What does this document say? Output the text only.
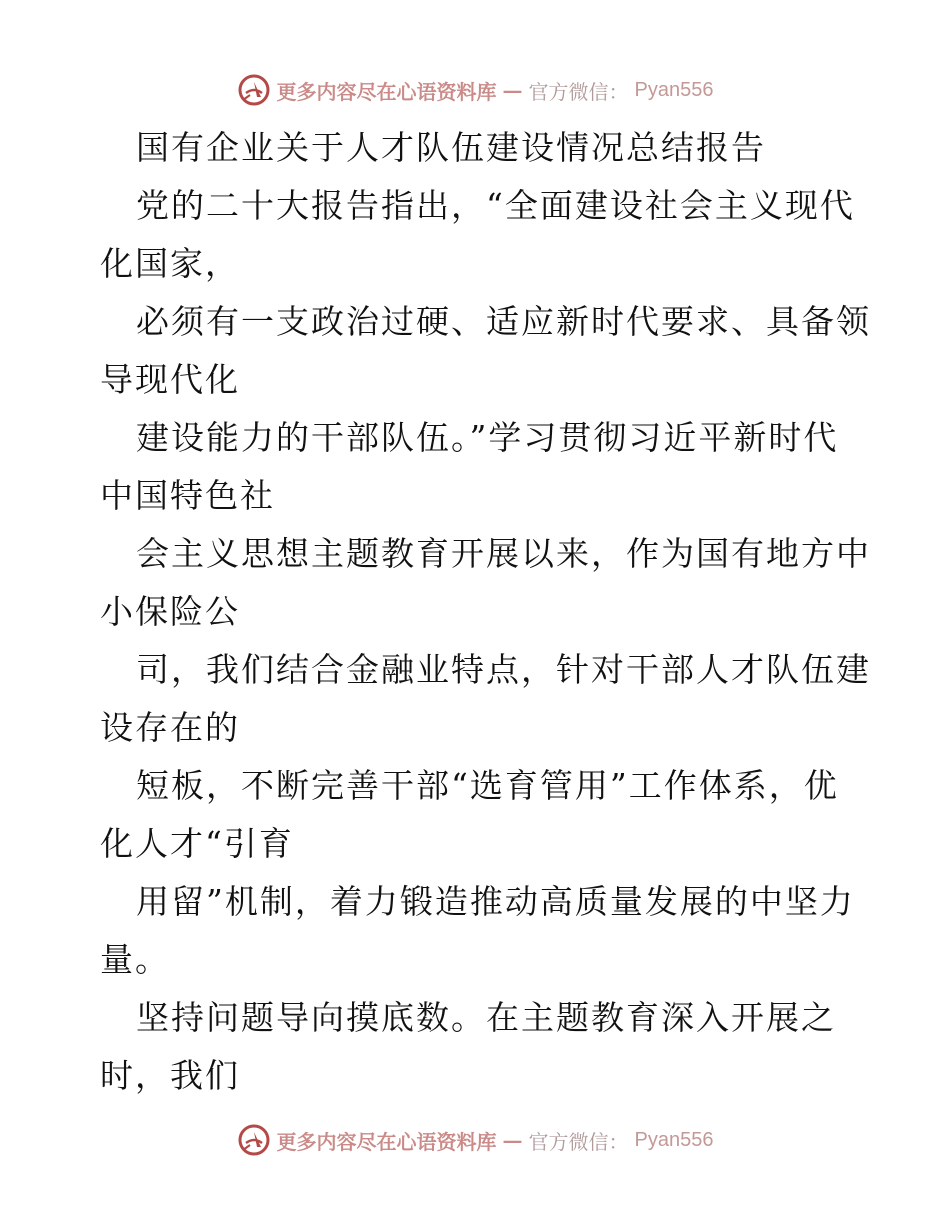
更多内容尽在心语资料库 — 官方微信： Pyan556
国有企业关于人才队伍建设情况总结报告
党的二十大报告指出，“全面建设社会主义现代
化国家，
必须有一支政治过硬、适应新时代要求、具备领
导现代化
建设能力的干部队伍。”学习贯彻习近平新时代
中国特色社
会主义思想主题教育开展以来，作为国有地方中
小保险公
司，我们结合金融业特点，针对干部人才队伍建
设存在的
短板，不断完善干部“选育管用”工作体系，优
化人才“引育
用留”机制，着力锻造推动高质量发展的中坚力
量。
坚持问题导向摸底数。在主题教育深入开展之
时，我们
更多内容尽在心语资料库 — 官方微信： Pyan556
